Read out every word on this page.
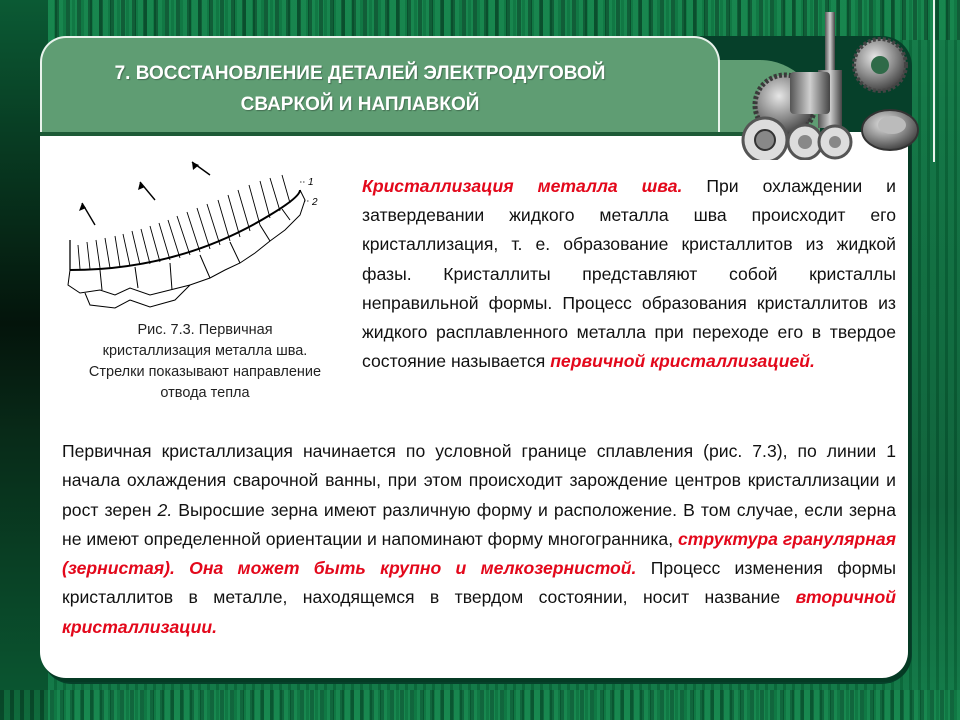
7. ВОССТАНОВЛЕНИЕ ДЕТАЛЕЙ ЭЛЕКТРОДУГОВОЙ
СВАРКОЙ И НАПЛАВКОЙ
1
2
Рис. 7.3. Первичная
кристаллизация металла шва.
Стрелки показывают направление
отвода тепла
Кристаллизация металла шва. При охлаждении и затвердевании жидкого металла шва происходит его кристаллизация, т. е. образование кристаллитов из жидкой фазы. Кристаллиты представляют собой кристаллы неправильной формы. Процесс образования кристаллитов из жидкого расплавленного металла при переходе его в твердое состояние называется первичной кристаллизацией.
Первичная кристаллизация начинается по условной границе сплавления (рис. 7.3), по линии 1 начала охлаждения сварочной ванны, при этом происходит зарождение центров кристаллизации и рост зерен 2. Выросшие зерна имеют различную форму и расположение. В том случае, если зерна не имеют определенной ориентации и напоминают форму многогранника, структура гранулярная (зернистая). Она может быть крупно и мелкозернистой. Процесс изменения формы кристаллитов в металле, находящемся в твердом состоянии, носит название вторичной кристаллизации.
